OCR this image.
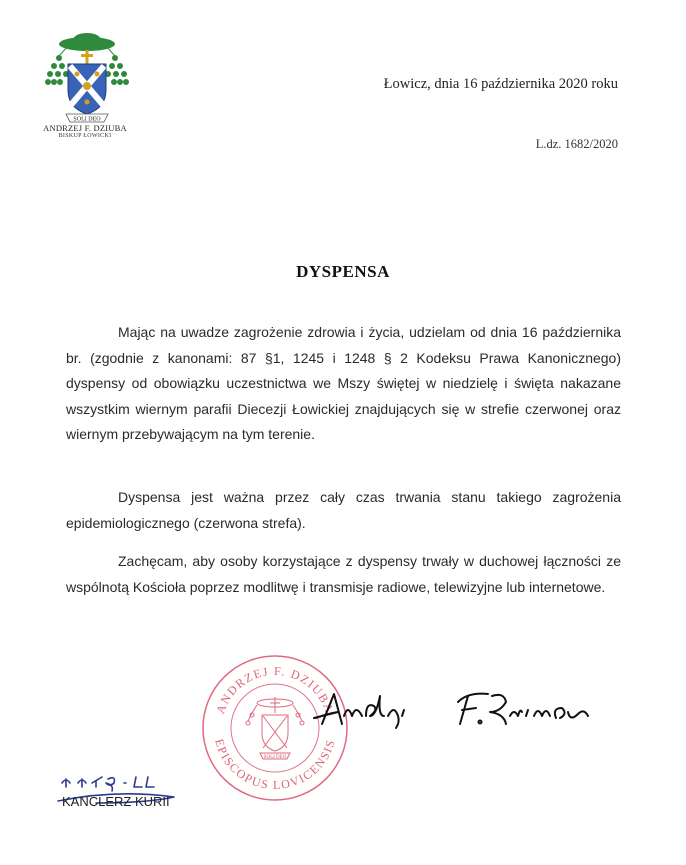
SOLI DEO
ANDRZEJ F. DZIUBA
BISKUP ŁOWICKI
Łowicz, dnia 16 października 2020 roku
L.dz. 1682/2020
DYSPENSA

Mając na uwadze zagrożenie zdrowia i życia, udzielam od dnia 16 października br. (zgodnie z kanonami: 87 §1, 1245 i 1248 § 2 Kodeksu Prawa Kanonicznego) dyspensy od obowiązku uczestnictwa we Mszy świętej w niedzielę i święta nakazane wszystkim wiernym parafii Diecezji Łowickiej znajdujących się w strefie czerwonej oraz wiernym przebywającym na tym terenie.

Dyspensa jest ważna przez cały czas trwania stanu takiego zagrożenia epidemiologicznego (czerwona strefa).

Zachęcam, aby osoby korzystające z dyspensy trwały w duchowej łączności ze wspólnotą Kościoła poprzez modlitwę i transmisje radiowe, telewizyjne lub internetowe.

ANDRZEJ F. DZIUBA
EPISCOPUS LOVICENSIS
SOLI DEO
KANCLERZ KURII
